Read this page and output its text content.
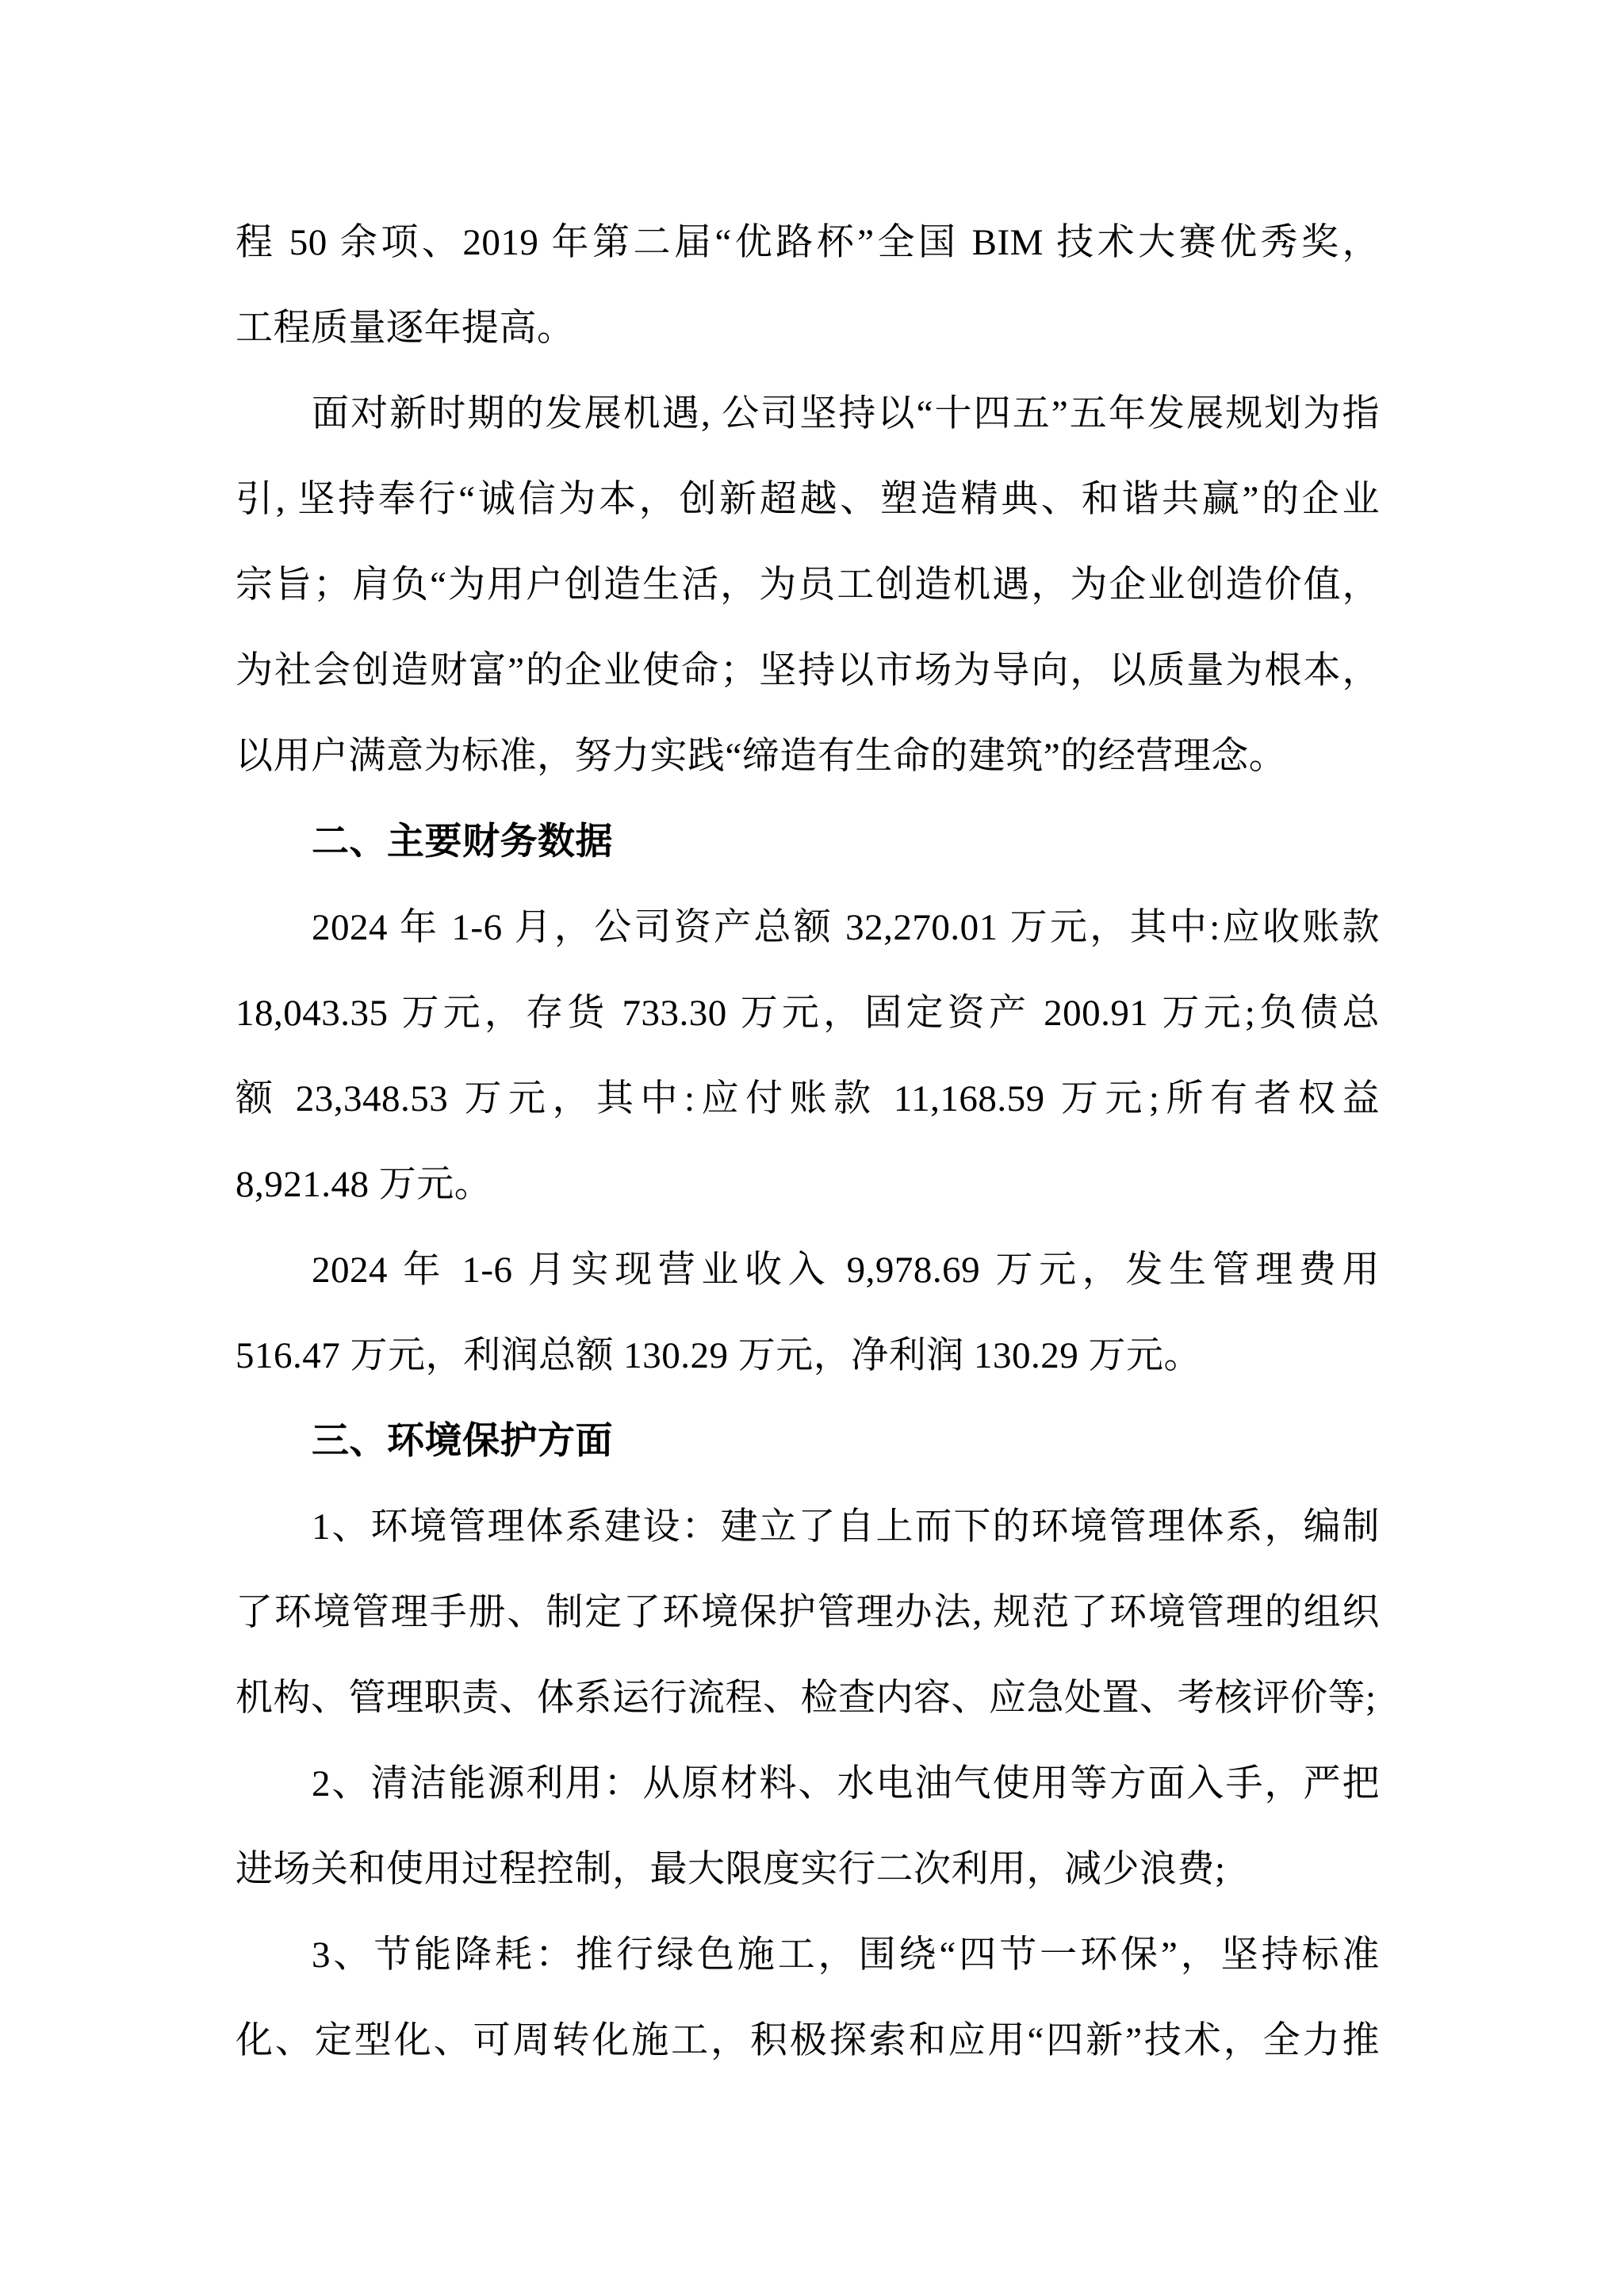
程 50 余项、2019 年第二届“优路杯”全国 BIM 技术大赛优秀奖，
工程质量逐年提高。
面对新时期的发展机遇, 公司坚持以“十四五”五年发展规划为指
引, 坚持奉行“诚信为本，创新超越、塑造精典、和谐共赢”的企业
宗旨；肩负“为用户创造生活，为员工创造机遇，为企业创造价值，
为社会创造财富”的企业使命；坚持以市场为导向，以质量为根本，
以用户满意为标准，努力实践“缔造有生命的建筑”的经营理念。
二、主要财务数据
2024 年 1-6 月，公司资产总额 32,270.01 万元，其中:应收账款
18,043.35 万元，存货 733.30 万元，固定资产 200.91 万元;负债总
额 23,348.53 万元，其中:应付账款 11,168.59 万元;所有者权益
8,921.48 万元。
2024 年 1-6 月实现营业收入 9,978.69 万元，发生管理费用
516.47 万元，利润总额 130.29 万元，净利润 130.29 万元。
三、环境保护方面
1、环境管理体系建设：建立了自上而下的环境管理体系，编制
了环境管理手册、制定了环境保护管理办法, 规范了环境管理的组织
机构、管理职责、体系运行流程、检查内容、应急处置、考核评价等;
2、清洁能源利用：从原材料、水电油气使用等方面入手，严把
进场关和使用过程控制，最大限度实行二次利用，减少浪费;
3、节能降耗：推行绿色施工，围绕“四节一环保”，坚持标准
化、定型化、可周转化施工，积极探索和应用“四新”技术，全力推
